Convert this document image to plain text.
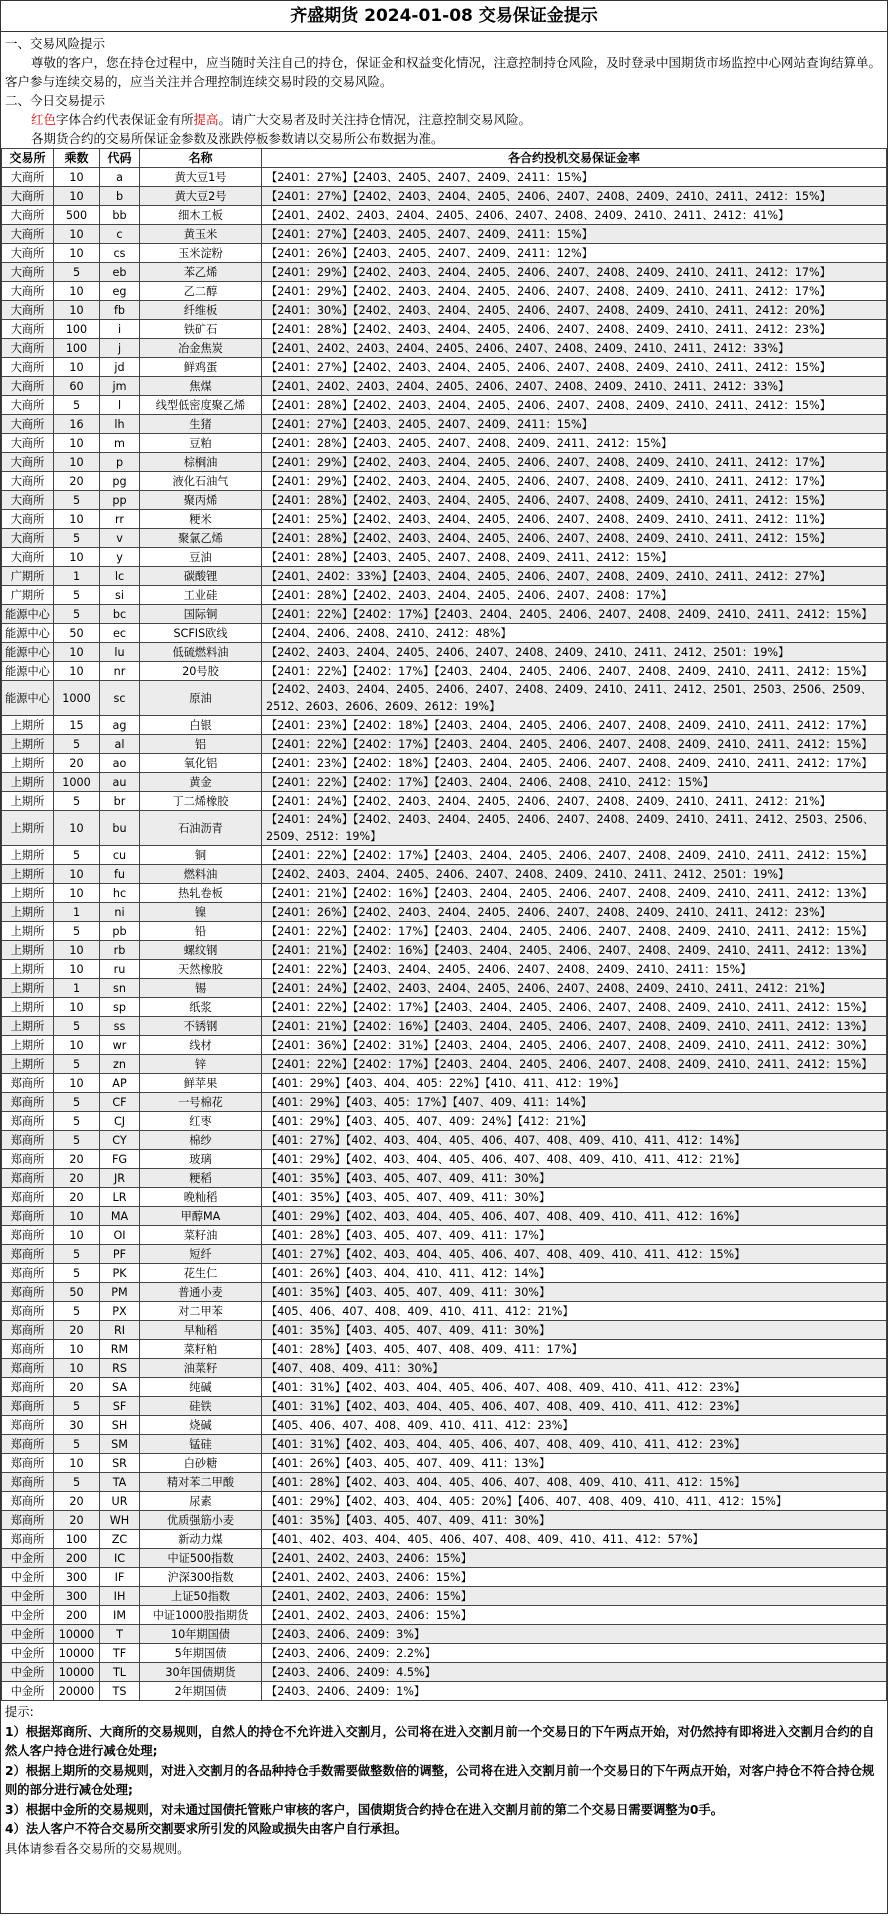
齐盛期货 2024-01-08 交易保证金提示
一、交易风险提示
尊敬的客户，您在持仓过程中，应当随时关注自己的持仓，保证金和权益变化情况，注意控制持仓风险，及时登录中国期货市场监控中心网站查询结算单。客户参与连续交易的，应当关注并合理控制连续交易时段的交易风险。
二、今日交易提示
红色字体合约代表保证金有所提高。请广大交易者及时关注持仓情况，注意控制交易风险。
各期货合约的交易所保证金参数及涨跌停板参数请以交易所公布数据为准。
交易所	乘数	代码	名称	各合约投机交易保证金率
大商所	10	a	黄大豆1号	【2401：27%】【2403、2405、2407、2409、2411：15%】
大商所	10	b	黄大豆2号	【2401：27%】【2402、2403、2404、2405、2406、2407、2408、2409、2410、2411、2412：15%】
大商所	500	bb	细木工板	【2401、2402、2403、2404、2405、2406、2407、2408、2409、2410、2411、2412：41%】
大商所	10	c	黄玉米	【2401：27%】【2403、2405、2407、2409、2411：15%】
大商所	10	cs	玉米淀粉	【2401：26%】【2403、2405、2407、2409、2411：12%】
大商所	5	eb	苯乙烯	【2401：29%】【2402、2403、2404、2405、2406、2407、2408、2409、2410、2411、2412：17%】
大商所	10	eg	乙二醇	【2401：29%】【2402、2403、2404、2405、2406、2407、2408、2409、2410、2411、2412：17%】
大商所	10	fb	纤维板	【2401：30%】【2402、2403、2404、2405、2406、2407、2408、2409、2410、2411、2412：20%】
大商所	100	i	铁矿石	【2401：28%】【2402、2403、2404、2405、2406、2407、2408、2409、2410、2411、2412：23%】
大商所	100	j	冶金焦炭	【2401、2402、2403、2404、2405、2406、2407、2408、2409、2410、2411、2412：33%】
大商所	10	jd	鲜鸡蛋	【2401：27%】【2402、2403、2404、2405、2406、2407、2408、2409、2410、2411、2412：15%】
大商所	60	jm	焦煤	【2401、2402、2403、2404、2405、2406、2407、2408、2409、2410、2411、2412：33%】
大商所	5	l	线型低密度聚乙烯	【2401：28%】【2402、2403、2404、2405、2406、2407、2408、2409、2410、2411、2412：15%】
大商所	16	lh	生猪	【2401：27%】【2403、2405、2407、2409、2411：15%】
大商所	10	m	豆粕	【2401：28%】【2403、2405、2407、2408、2409、2411、2412：15%】
大商所	10	p	棕榈油	【2401：29%】【2402、2403、2404、2405、2406、2407、2408、2409、2410、2411、2412：17%】
大商所	20	pg	液化石油气	【2401：29%】【2402、2403、2404、2405、2406、2407、2408、2409、2410、2411、2412：17%】
大商所	5	pp	聚丙烯	【2401：28%】【2402、2403、2404、2405、2406、2407、2408、2409、2410、2411、2412：15%】
大商所	10	rr	粳米	【2401：25%】【2402、2403、2404、2405、2406、2407、2408、2409、2410、2411、2412：11%】
大商所	5	v	聚氯乙烯	【2401：28%】【2402、2403、2404、2405、2406、2407、2408、2409、2410、2411、2412：15%】
大商所	10	y	豆油	【2401：28%】【2403、2405、2407、2408、2409、2411、2412：15%】
广期所	1	lc	碳酸锂	【2401、2402：33%】【2403、2404、2405、2406、2407、2408、2409、2410、2411、2412：27%】
广期所	5	si	工业硅	【2401：28%】【2402、2403、2404、2405、2406、2407、2408：17%】
能源中心	5	bc	国际铜	【2401：22%】【2402：17%】【2403、2404、2405、2406、2407、2408、2409、2410、2411、2412：15%】
能源中心	50	ec	SCFIS欧线	【2404、2406、2408、2410、2412：48%】
能源中心	10	lu	低硫燃料油	【2402、2403、2404、2405、2406、2407、2408、2409、2410、2411、2412、2501：19%】
能源中心	10	nr	20号胶	【2401：22%】【2402：17%】【2403、2404、2405、2406、2407、2408、2409、2410、2411、2412：15%】
能源中心	1000	sc	原油	【2402、2403、2404、2405、2406、2407、2408、2409、2410、2411、2412、2501、2503、2506、2509、2512、2603、2606、2609、2612：19%】
上期所	15	ag	白银	【2401：23%】【2402：18%】【2403、2404、2405、2406、2407、2408、2409、2410、2411、2412：17%】
上期所	5	al	铝	【2401：22%】【2402：17%】【2403、2404、2405、2406、2407、2408、2409、2410、2411、2412：15%】
上期所	20	ao	氧化铝	【2401：23%】【2402：18%】【2403、2404、2405、2406、2407、2408、2409、2410、2411、2412：17%】
上期所	1000	au	黄金	【2401：22%】【2402：17%】【2403、2404、2406、2408、2410、2412：15%】
上期所	5	br	丁二烯橡胶	【2401：24%】【2402、2403、2404、2405、2406、2407、2408、2409、2410、2411、2412：21%】
上期所	10	bu	石油沥青	【2401：24%】【2402、2403、2404、2405、2406、2407、2408、2409、2410、2411、2412、2503、2506、2509、2512：19%】
上期所	5	cu	铜	【2401：22%】【2402：17%】【2403、2404、2405、2406、2407、2408、2409、2410、2411、2412：15%】
上期所	10	fu	燃料油	【2402、2403、2404、2405、2406、2407、2408、2409、2410、2411、2412、2501：19%】
上期所	10	hc	热轧卷板	【2401：21%】【2402：16%】【2403、2404、2405、2406、2407、2408、2409、2410、2411、2412：13%】
上期所	1	ni	镍	【2401：26%】【2402、2403、2404、2405、2406、2407、2408、2409、2410、2411、2412：23%】
上期所	5	pb	铅	【2401：22%】【2402：17%】【2403、2404、2405、2406、2407、2408、2409、2410、2411、2412：15%】
上期所	10	rb	螺纹钢	【2401：21%】【2402：16%】【2403、2404、2405、2406、2407、2408、2409、2410、2411、2412：13%】
上期所	10	ru	天然橡胶	【2401：22%】【2403、2404、2405、2406、2407、2408、2409、2410、2411：15%】
上期所	1	sn	锡	【2401：24%】【2402、2403、2404、2405、2406、2407、2408、2409、2410、2411、2412：21%】
上期所	10	sp	纸浆	【2401：22%】【2402：17%】【2403、2404、2405、2406、2407、2408、2409、2410、2411、2412：15%】
上期所	5	ss	不锈钢	【2401：21%】【2402：16%】【2403、2404、2405、2406、2407、2408、2409、2410、2411、2412：13%】
上期所	10	wr	线材	【2401：36%】【2402：31%】【2403、2404、2405、2406、2407、2408、2409、2410、2411、2412：30%】
上期所	5	zn	锌	【2401：22%】【2402：17%】【2403、2404、2405、2406、2407、2408、2409、2410、2411、2412：15%】
郑商所	10	AP	鲜苹果	【401：29%】【403、404、405：22%】【410、411、412：19%】
郑商所	5	CF	一号棉花	【401：29%】【403、405：17%】【407、409、411：14%】
郑商所	5	CJ	红枣	【401：29%】【403、405、407、409：24%】【412：21%】
郑商所	5	CY	棉纱	【401：27%】【402、403、404、405、406、407、408、409、410、411、412：14%】
郑商所	20	FG	玻璃	【401：29%】【402、403、404、405、406、407、408、409、410、411、412：21%】
郑商所	20	JR	粳稻	【401：35%】【403、405、407、409、411：30%】
郑商所	20	LR	晚籼稻	【401：35%】【403、405、407、409、411：30%】
郑商所	10	MA	甲醇MA	【401：29%】【402、403、404、405、406、407、408、409、410、411、412：16%】
郑商所	10	OI	菜籽油	【401：28%】【403、405、407、409、411：17%】
郑商所	5	PF	短纤	【401：27%】【402、403、404、405、406、407、408、409、410、411、412：15%】
郑商所	5	PK	花生仁	【401：26%】【403、404、410、411、412：14%】
郑商所	50	PM	普通小麦	【401：35%】【403、405、407、409、411：30%】
郑商所	5	PX	对二甲苯	【405、406、407、408、409、410、411、412：21%】
郑商所	20	RI	早籼稻	【401：35%】【403、405、407、409、411：30%】
郑商所	10	RM	菜籽粕	【401：28%】【403、405、407、408、409、411：17%】
郑商所	10	RS	油菜籽	【407、408、409、411：30%】
郑商所	20	SA	纯碱	【401：31%】【402、403、404、405、406、407、408、409、410、411、412：23%】
郑商所	5	SF	硅铁	【401：31%】【402、403、404、405、406、407、408、409、410、411、412：23%】
郑商所	30	SH	烧碱	【405、406、407、408、409、410、411、412：23%】
郑商所	5	SM	锰硅	【401：31%】【402、403、404、405、406、407、408、409、410、411、412：23%】
郑商所	10	SR	白砂糖	【401：26%】【403、405、407、409、411：13%】
郑商所	5	TA	精对苯二甲酸	【401：28%】【402、403、404、405、406、407、408、409、410、411、412：15%】
郑商所	20	UR	尿素	【401：29%】【402、403、404、405：20%】【406、407、408、409、410、411、412：15%】
郑商所	20	WH	优质强筋小麦	【401：35%】【403、405、407、409、411：30%】
郑商所	100	ZC	新动力煤	【401、402、403、404、405、406、407、408、409、410、411、412：57%】
中金所	200	IC	中证500指数	【2401、2402、2403、2406：15%】
中金所	300	IF	沪深300指数	【2401、2402、2403、2406：15%】
中金所	300	IH	上证50指数	【2401、2402、2403、2406：15%】
中金所	200	IM	中证1000股指期货	【2401、2402、2403、2406：15%】
中金所	10000	T	10年期国债	【2403、2406、2409：3%】
中金所	10000	TF	5年期国债	【2403、2406、2409：2.2%】
中金所	10000	TL	30年国债期货	【2403、2406、2409：4.5%】
中金所	20000	TS	2年期国债	【2403、2406、2409：1%】
提示:
1）根据郑商所、大商所的交易规则，自然人的持仓不允许进入交割月，公司将在进入交割月前一个交易日的下午两点开始，对仍然持有即将进入交割月合约的自然人客户持仓进行减仓处理;
2）根据上期所的交易规则，对进入交割月的各品种持仓手数需要做整数倍的调整，公司将在进入交割月前一个交易日的下午两点开始，对客户持仓不符合持仓规则的部分进行减仓处理;
3）根据中金所的交易规则，对未通过国债托管账户审核的客户，国债期货合约持仓在进入交割月前的第二个交易日需要调整为0手。
4）法人客户不符合交易所交割要求所引发的风险或损失由客户自行承担。
具体请参看各交易所的交易规则。
